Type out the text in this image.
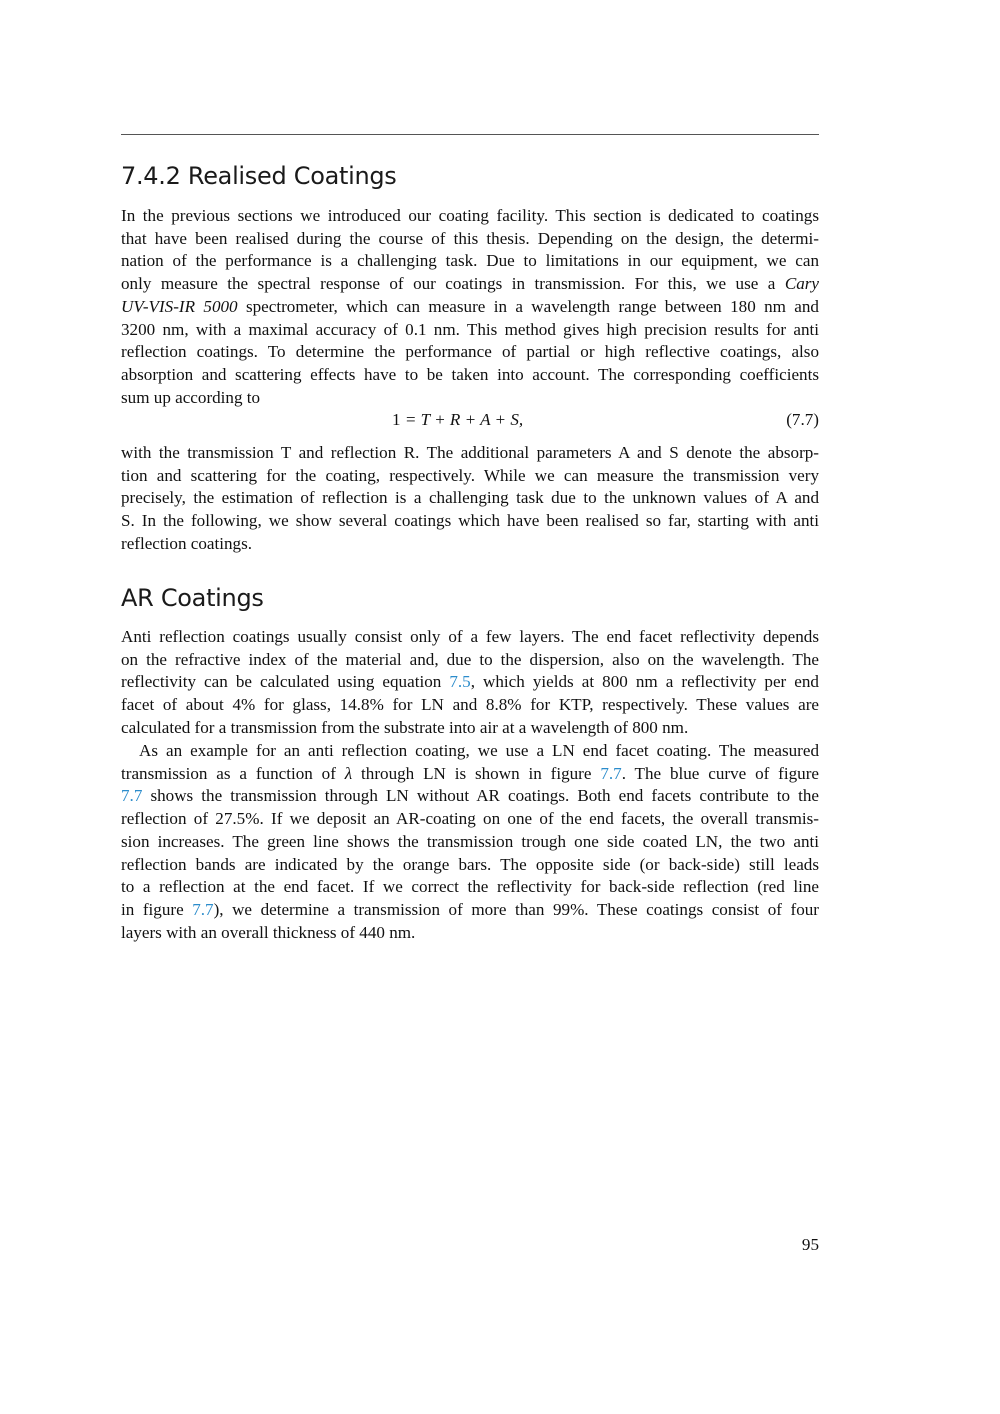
7.4.2 Realised Coatings

In the previous sections we introduced our coating facility. This section is dedicated to coatings
that have been realised during the course of this thesis. Depending on the design, the determi-
nation of the performance is a challenging task. Due to limitations in our equipment, we can
only measure the spectral response of our coatings in transmission. For this, we use a Cary
UV-VIS-IR 5000 spectrometer, which can measure in a wavelength range between 180 nm and
3200 nm, with a maximal accuracy of 0.1 nm. This method gives high precision results for anti
reflection coatings. To determine the performance of partial or high reflective coatings, also
absorption and scattering effects have to be taken into account. The corresponding coefficients
sum up according to

1 = T + R + A + S,	(7.7)

with the transmission T and reflection R. The additional parameters A and S denote the absorp-
tion and scattering for the coating, respectively. While we can measure the transmission very
precisely, the estimation of reflection is a challenging task due to the unknown values of A and
S. In the following, we show several coatings which have been realised so far, starting with anti
reflection coatings.

AR Coatings

Anti reflection coatings usually consist only of a few layers. The end facet reflectivity depends
on the refractive index of the material and, due to the dispersion, also on the wavelength. The
reflectivity can be calculated using equation 7.5, which yields at 800 nm a reflectivity per end
facet of about 4% for glass, 14.8% for LN and 8.8% for KTP, respectively. These values are
calculated for a transmission from the substrate into air at a wavelength of 800 nm.

As an example for an anti reflection coating, we use a LN end facet coating. The measured
transmission as a function of λ through LN is shown in figure 7.7. The blue curve of figure
7.7 shows the transmission through LN without AR coatings. Both end facets contribute to the
reflection of 27.5%. If we deposit an AR-coating on one of the end facets, the overall transmis-
sion increases. The green line shows the transmission trough one side coated LN, the two anti
reflection bands are indicated by the orange bars. The opposite side (or back-side) still leads
to a reflection at the end facet. If we correct the reflectivity for back-side reflection (red line
in figure 7.7), we determine a transmission of more than 99%. These coatings consist of four
layers with an overall thickness of 440 nm.

95
